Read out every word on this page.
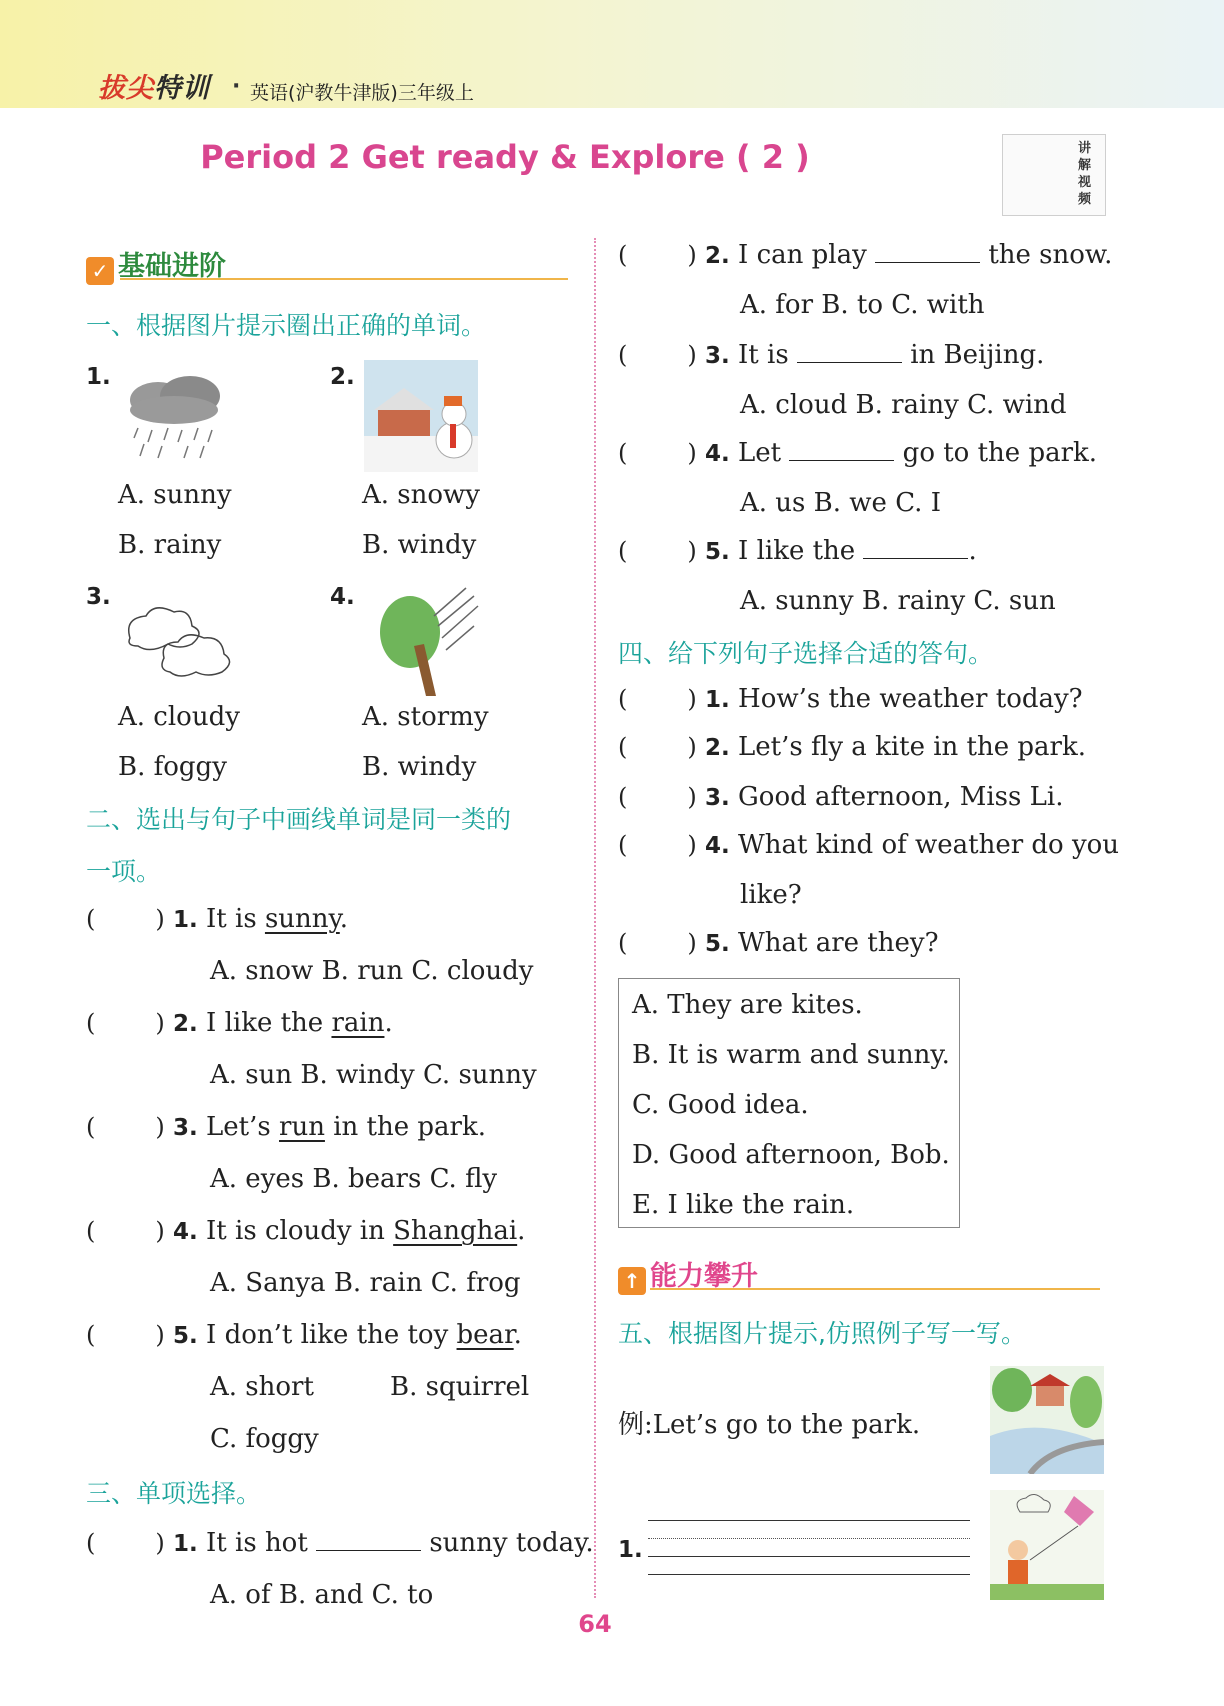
拔尖特训 · 英语(沪教牛津版)三年级上
Period 2 Get ready & Explore ( 2 )	讲解视频
✓ 基础进阶
一、根据图片提示圈出正确的单词。
1.
A. sunny
B. rainy
2.
A. snowy
B. windy
3.
A. cloudy
B. foggy
4.
A. stormy
B. windy
二、选出与句子中画线单词是同一类的
一项。
(	) 1. It is sunny.
A. snow B. run C. cloudy
(	) 2. I like the rain.
A. sun B. windy C. sunny
(	) 3. Let’s run in the park.
A. eyes B. bears C. fly
(	) 4. It is cloudy in Shanghai.
A. Sanya B. rain C. frog
(	) 5. I don’t like the toy bear.
A. short	B. squirrel
C. foggy
三、单项选择。
(	) 1. It is hot	sunny today.
A. of B. and C. to
(	) 2. I can play	the snow.
A. for B. to C. with
(	) 3. It is	in Beijing.
A. cloud B. rainy C. wind
(	) 4. Let	go to the park.
A. us B. we C. I
(	) 5. I like the	.
A. sunny B. rainy C. sun
四、给下列句子选择合适的答句。
(	) 1. How’s the weather today?
(	) 2. Let’s fly a kite in the park.
(	) 3. Good afternoon, Miss Li.
(	) 4. What kind of weather do you
like?
(	) 5. What are they?
A. They are kites.
B. It is warm and sunny.
C. Good idea.
D. Good afternoon, Bob.
E. I like the rain.
↑ 能力攀升
五、根据图片提示,仿照例子写一写。
例:Let’s go to the park.
1.
64
